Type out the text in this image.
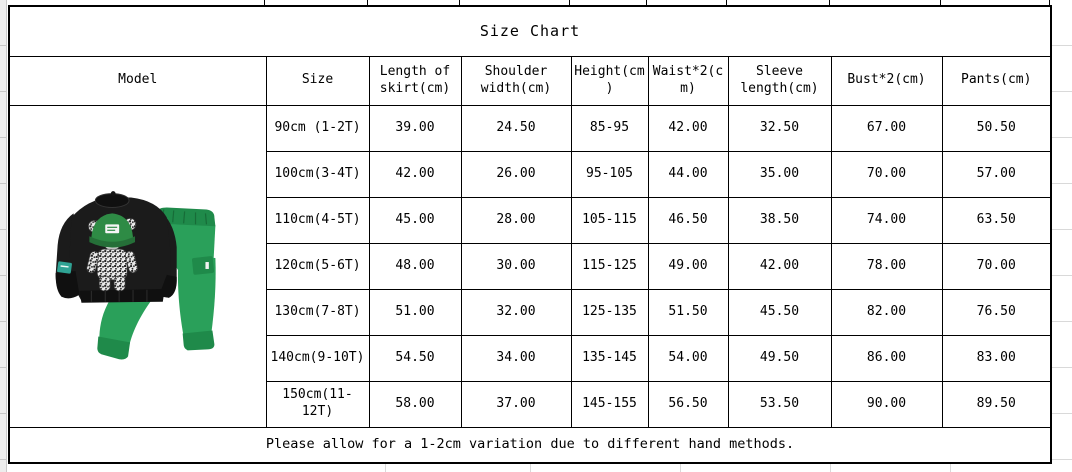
Size Chart								
Model	Size	Length of skirt(cm)	Shoulder width(cm)	Height(cm)	Waist*2(cm)	Sleeve length(cm)	Bust*2(cm)	Pants(cm)

	90cm (1-2T)	39.00	24.50	85-95	42.00	32.50	67.00	50.50
	100cm(3-4T)	42.00	26.00	95-105	44.00	35.00	70.00	57.00
	110cm(4-5T)	45.00	28.00	105-115	46.50	38.50	74.00	63.50
	120cm(5-6T)	48.00	30.00	115-125	49.00	42.00	78.00	70.00
	130cm(7-8T)	51.00	32.00	125-135	51.50	45.50	82.00	76.50
	140cm(9-10T)	54.50	34.00	135-145	54.00	49.50	86.00	83.00
	150cm(11-12T)	58.00	37.00	145-155	56.50	53.50	90.00	89.50
Please allow for a 1-2cm variation due to different hand methods.								
